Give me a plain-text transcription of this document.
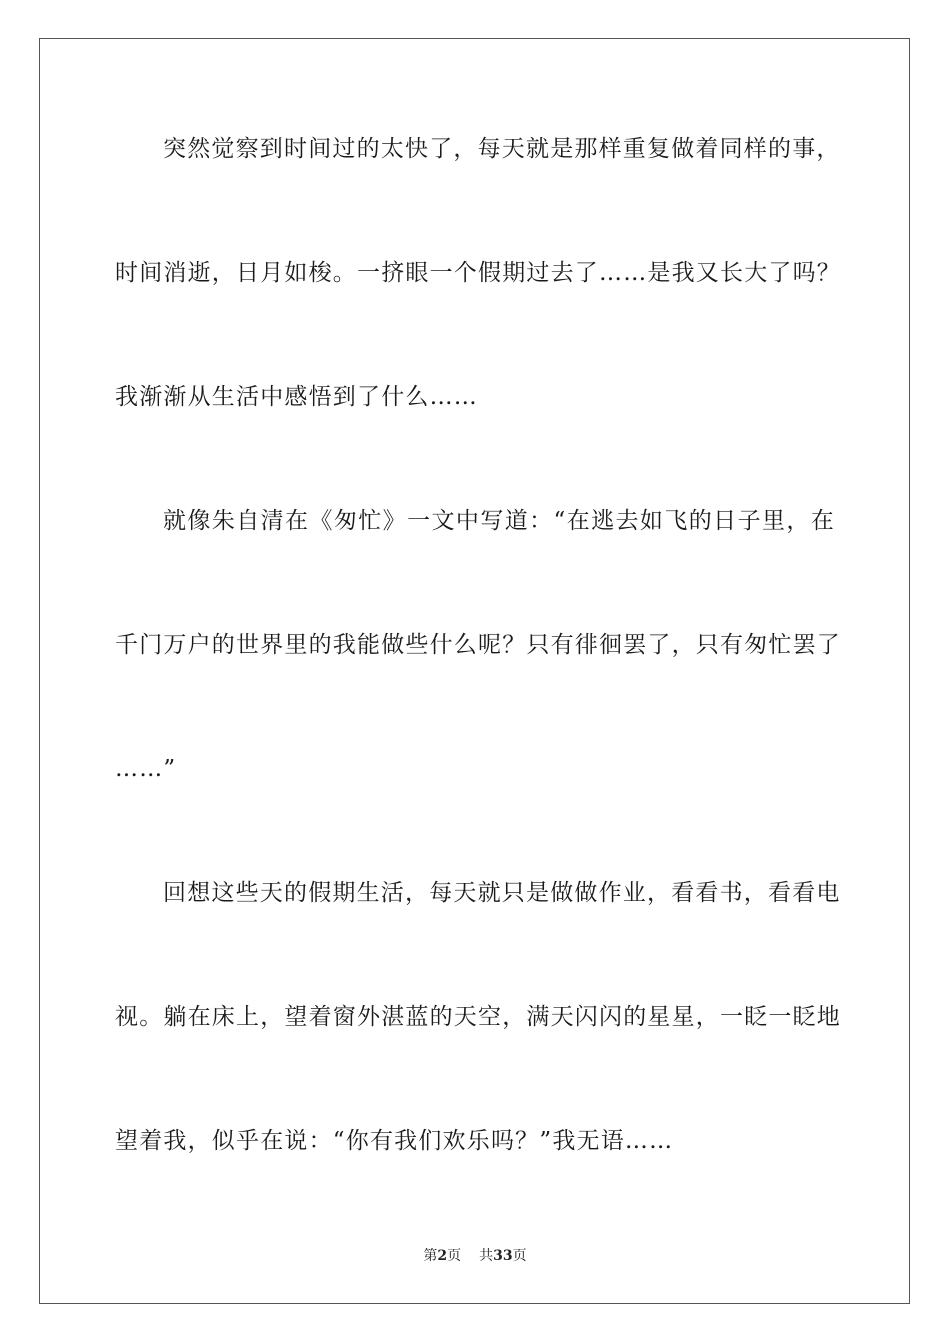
突然觉察到时间过的太快了，每天就是那样重复做着同样的事，
时间消逝，日月如梭。一挤眼一个假期过去了……是我又长大了吗？
我渐渐从生活中感悟到了什么……
就像朱自清在《匆忙》一文中写道：“在逃去如飞的日子里，在
千门万户的世界里的我能做些什么呢？只有徘徊罢了，只有匆忙罢了
……”
回想这些天的假期生活，每天就只是做做作业，看看书，看看电
视。躺在床上，望着窗外湛蓝的天空，满天闪闪的星星，一眨一眨地
望着我，似乎在说：“你有我们欢乐吗？”我无语……
第2页 共33页
